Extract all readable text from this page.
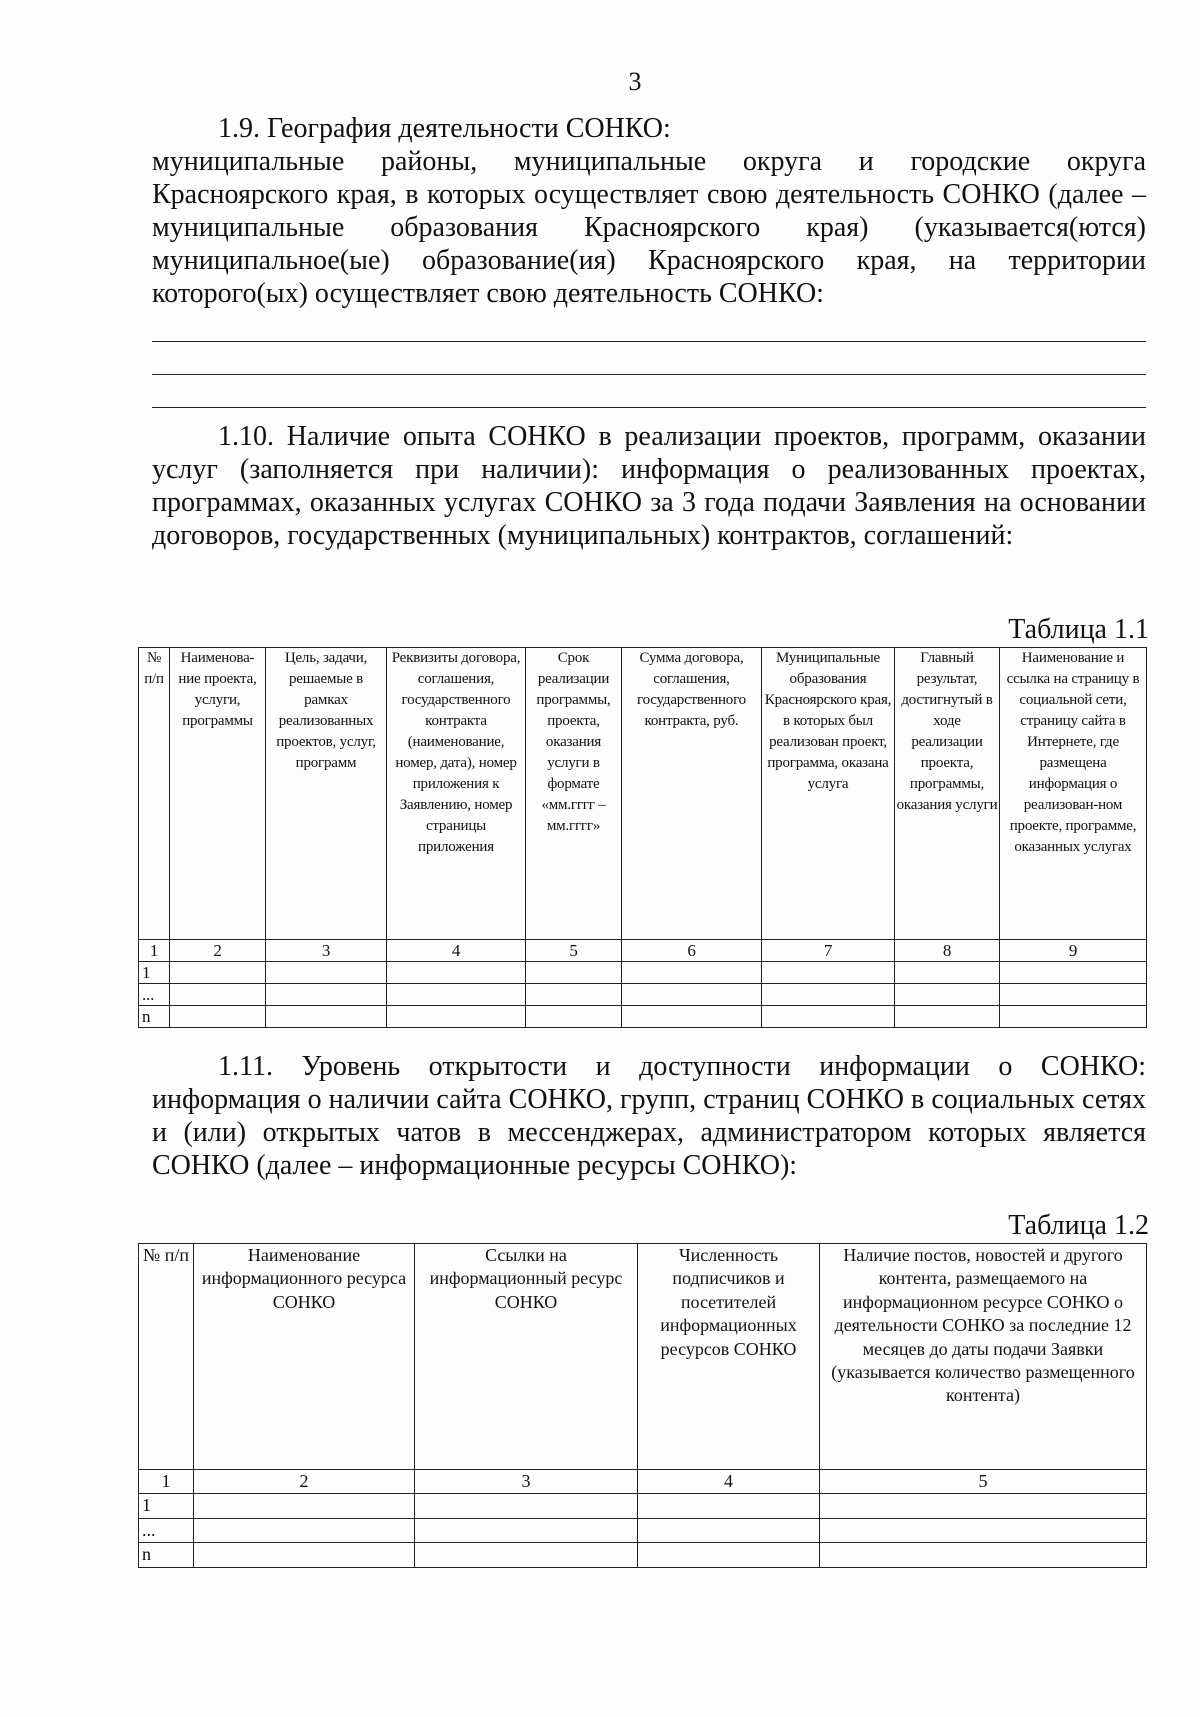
3
1.9. География деятельности СОНКО:
муниципальные районы, муниципальные округа и городские округа Красноярского края, в которых осуществляет свою деятельность СОНКО (далее – муниципальные образования Красноярского края) (указывается(ются) муниципальное(ые) образование(ия) Красноярского края, на территории которого(ых) осуществляет свою деятельность СОНКО:
1.10. Наличие опыта СОНКО в реализации проектов, программ, оказании услуг (заполняется при наличии): информация о реализованных проектах, программах, оказанных услугах СОНКО за 3 года подачи Заявления на основании договоров, государственных (муниципальных) контрактов, соглашений:
Таблица 1.1
№ п/п	Наименова-ние проекта, услуги, программы	Цель, задачи, решаемые в рамках реализованных проектов, услуг, программ	Реквизиты договора, соглашения, государственного контракта (наименование, номер, дата), номер приложения к Заявлению, номер страницы приложения	Срок реализации программы, проекта, оказания услуги в формате «мм.гггг – мм.гггг»	Сумма договора, соглашения, государственного контракта, руб.	Муниципальные образования Красноярского края, в которых был реализован проект, программа, оказана услуга	Главный результат, достигнутый в ходе реализации проекта, программы, оказания услуги	Наименование и ссылка на страницу в социальной сети, страницу сайта в Интернете, где размещена информация о реализован-ном проекте, программе, оказанных услугах
1	2	3	4	5	6	7	8	9
1								
...								
n								
1.11. Уровень открытости и доступности информации о СОНКО: информация о наличии сайта СОНКО, групп, страниц СОНКО в социальных сетях и (или) открытых чатов в мессенджерах, администратором которых является СОНКО (далее – информационные ресурсы СОНКО):
Таблица 1.2
№ п/п	Наименование информационного ресурса СОНКО	Ссылки на информационный ресурс СОНКО	Численность подписчиков и посетителей информационных ресурсов СОНКО	Наличие постов, новостей и другого контента, размещаемого на информационном ресурсе СОНКО о деятельности СОНКО за последние 12 месяцев до даты подачи Заявки (указывается количество размещенного контента)
1	2	3	4	5
1				
...				
n				
